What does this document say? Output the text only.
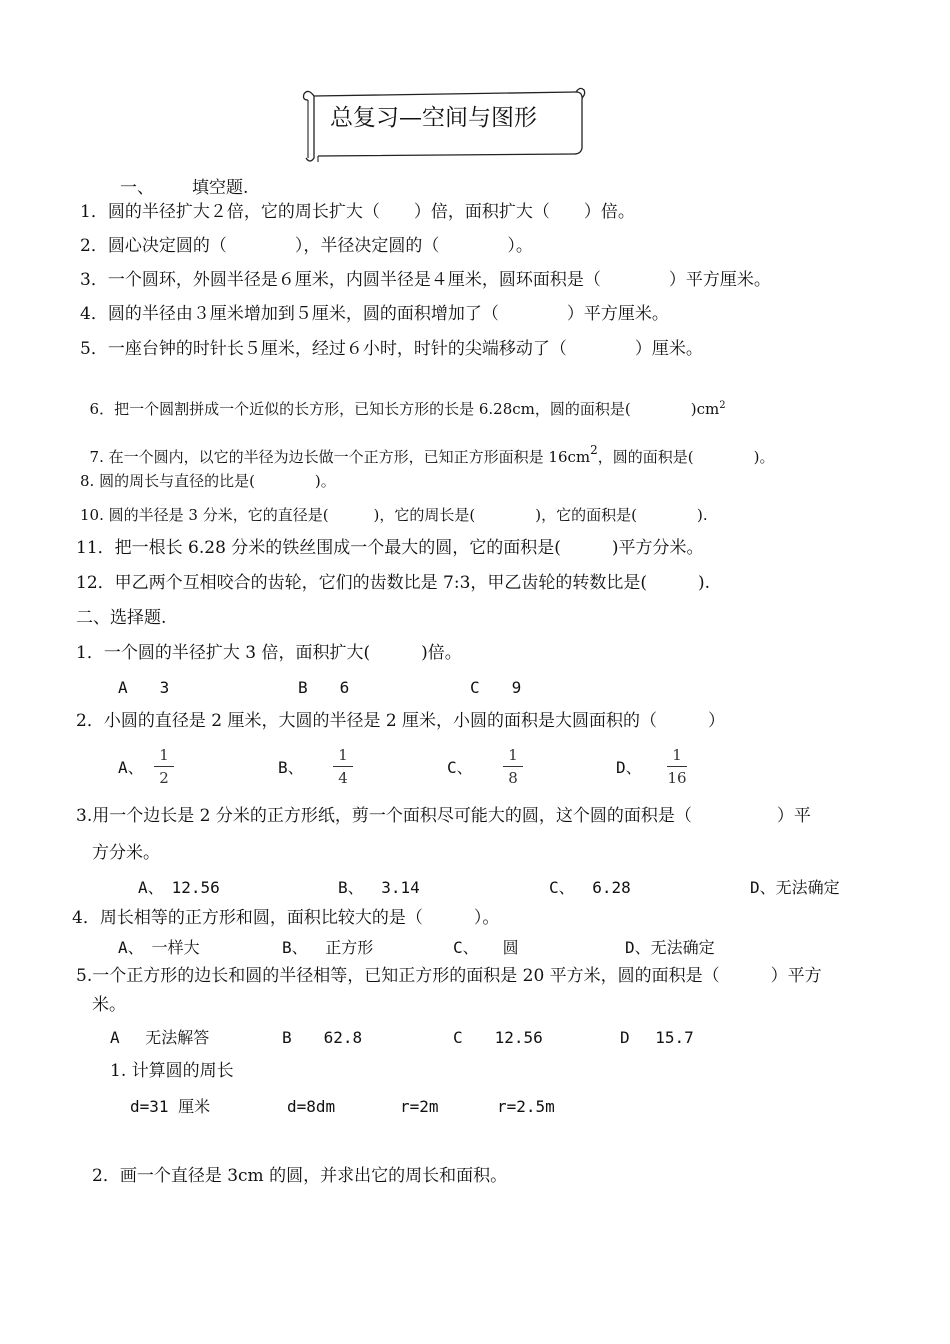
总复习—空间与图形
一、 填空题.
1．圆的半径扩大２倍，它的周长扩大（　　）倍，面积扩大（　　）倍。
2．圆心决定圆的（　　　　），半径决定圆的（　　　　）。
3．一个圆环，外圆半径是６厘米，内圆半径是４厘米，圆环面积是（　　　　）平方厘米。
4．圆的半径由３厘米增加到５厘米，圆的面积增加了（　　　　）平方厘米。
5．一座台钟的时针长５厘米，经过６小时，时针的尖端移动了（　　　　）厘米。

6．把一个圆割拼成一个近似的长方形，已知长方形的长是 6.28cm，圆的面积是(　　　　)$cm^2$

7. 在一个圆内，以它的半径为边长做一个正方形，已知正方形面积是 $16cm^2$，圆的面积是(　　　　)。

8. 圆的周长与直径的比是(　　　　)。
10. 圆的半径是 3 分米，它的直径是(　　　)，它的周长是(　　　　)，它的面积是(　　　　).
11．把一根长 6.28 分米的铁丝围成一个最大的圆，它的面积是(　　　)平方分米。
12．甲乙两个互相咬合的齿轮，它们的齿数比是 7:3，甲乙齿轮的转数比是(　　　).
二、选择题.
1．一个圆的半径扩大 3 倍，面积扩大(　　　)倍。
A　　3	B　　6	C　　9
2．小圆的直径是 2 厘米，大圆的半径是 2 厘米，小圆的面积是大圆面积的（　　　）
A、
1
2
B、
1
4
C、
1
8
D、
1
16
3.用一个边长是 2 分米的正方形纸，剪一个面积尽可能大的圆，这个圆的面积是（　　　　　）平
方分米。
A、　12.56	B、　 3.14	C、　 6.28	D、无法确定
4．周长相等的正方形和圆，面积比较大的是（　　　）。
A、　一样大	B、　 正方形	C、　　圆	D、无法确定
5.一个正方形的边长和圆的半径相等，已知正方形的面积是 20 平方米，圆的面积是（　　　）平方
米。
A　 无法解答	B　　62.8	C　　12.56	D　 15.7
1. 计算圆的周长
d=31 厘米	d=8dm	r=2m	r=2.5m
2．画一个直径是 3cm 的圆，并求出它的周长和面积。
